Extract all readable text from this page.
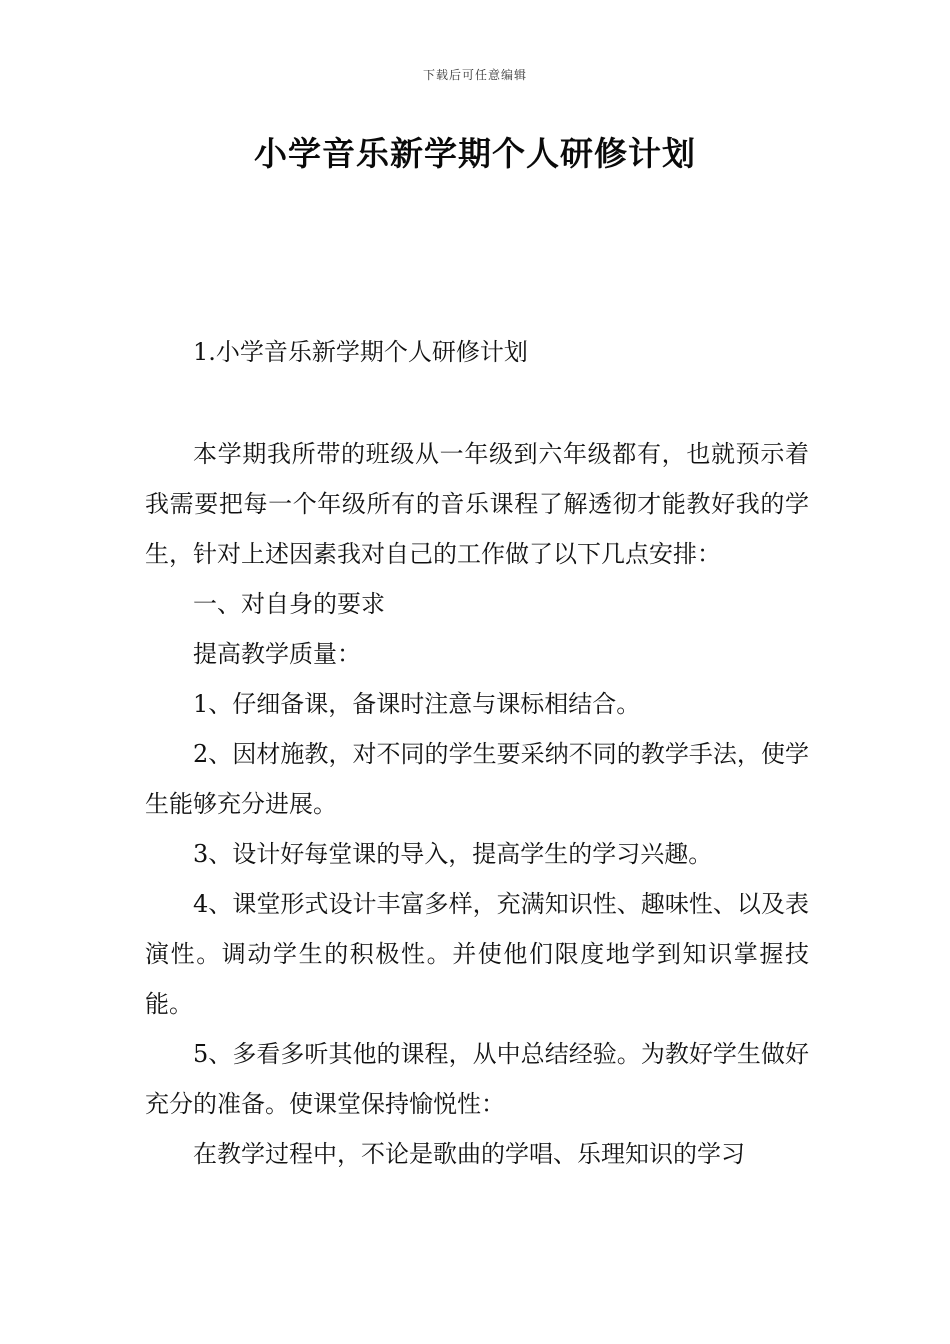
下载后可任意编辑
小学音乐新学期个人研修计划

1.小学音乐新学期个人研修计划

本学期我所带的班级从一年级到六年级都有，也就预示着我需要把每一个年级所有的音乐课程了解透彻才能教好我的学生，针对上述因素我对自己的工作做了以下几点安排：

一、对自身的要求

提高教学质量：

1、仔细备课，备课时注意与课标相结合。

2、因材施教，对不同的学生要采纳不同的教学手法，使学生能够充分进展。

3、设计好每堂课的导入，提高学生的学习兴趣。

4、课堂形式设计丰富多样，充满知识性、趣味性、以及表演性。调动学生的积极性。并使他们限度地学到知识掌握技能。

5、多看多听其他的课程，从中总结经验。为教好学生做好充分的准备。使课堂保持愉悦性：

在教学过程中，不论是歌曲的学唱、乐理知识的学习
